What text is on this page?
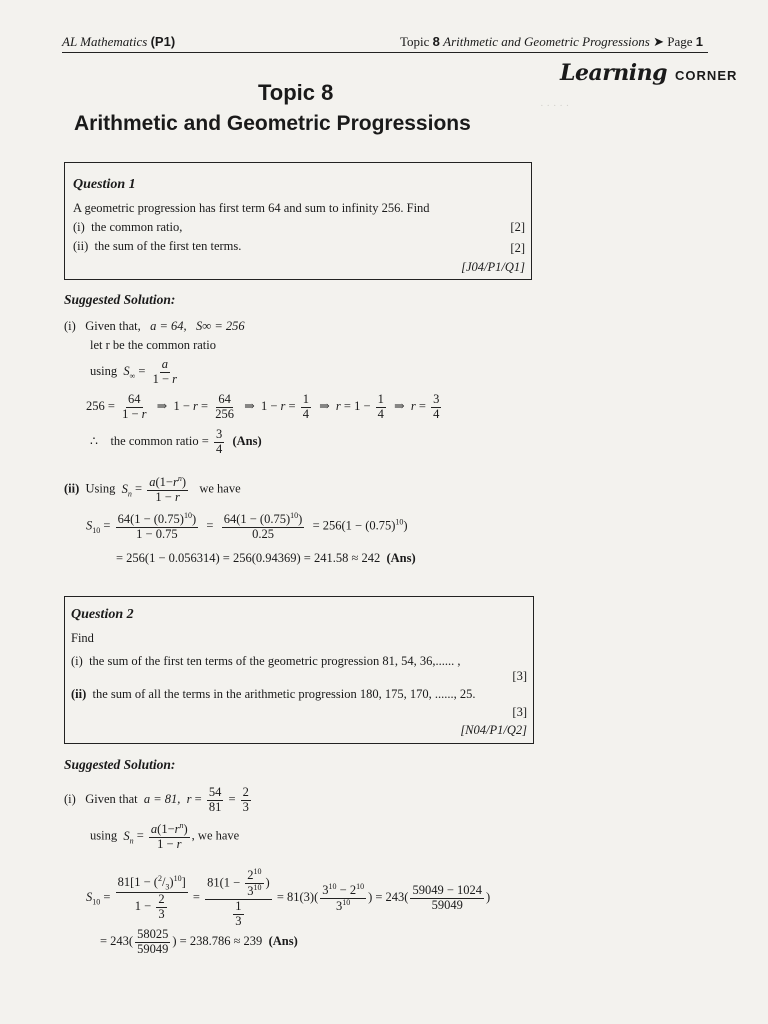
AL Mathematics (P1)	Topic 8 Arithmetic and Geometric Progressions ➤ Page 1
Learning CORNER
Topic 8
Arithmetic and Geometric Progressions
· · · · ·
Question 1
A geometric progression has first term 64 and sum to infinity 256. Find
(i) the common ratio,	[2]
(ii) the sum of the first ten terms.	[2]
[J04/P1/Q1]
Suggested Solution:
(i) Given that, a = 64, S∞ = 256
let r be the common ratio
using $S_\infty = \frac{a}{1 - r}$
$256 = \frac{64}{1 - r}$ ⇒  $1 - r = \frac{64}{256}$ ⇒  $1 - r = \frac{1}{4}$ ⇒  $r = 1 - \frac{1}{4}$ ⇒  $r = \frac{3}{4}$
∴ the common ratio = $\frac{3}{4} (Ans)$
(ii) Using $S_n = \frac{a(1-r^n)}{1 - r}$ we have
$S_{10} = \frac{64(1 - (0.75)^{10})}{1 - 0.75} = \frac{64(1 - (0.75)^{10})}{0.25} = 256(1 - (0.75)^{10})$
= 256(1 − 0.056314) = 256(0.94369) = 241.58 ≈ 242 (Ans)
Question 2
Find
(i) the sum of the first ten terms of the geometric progression 81, 54, 36,...... ,
[3]
(ii) the sum of all the terms in the arithmetic progression 180, 175, 170, ......, 25.
[3]
[N04/P1/Q2]
Suggested Solution:
(i) Given that a = 81, $r = \frac{54}{81} = \frac{2}{3}$
using $S_n = \frac{a(1-r^n)}{1 - r}$ , we have
$S_{10} = \frac{81[1 - (^2/_3)^{10}]}{1 - \frac{2}{3}} = \frac{81(1 - \frac{2^{10}}{3^{10}} )}{\frac{1}{3}} = 81(3)( \frac{3^{10} - 2^{10}}{3^{10}}$ ) = $243( \frac{59049 - 1024}{59049}$ )
= $243( \frac{58025}{59049}$ ) = 238.786 ≈ 239 (Ans)
